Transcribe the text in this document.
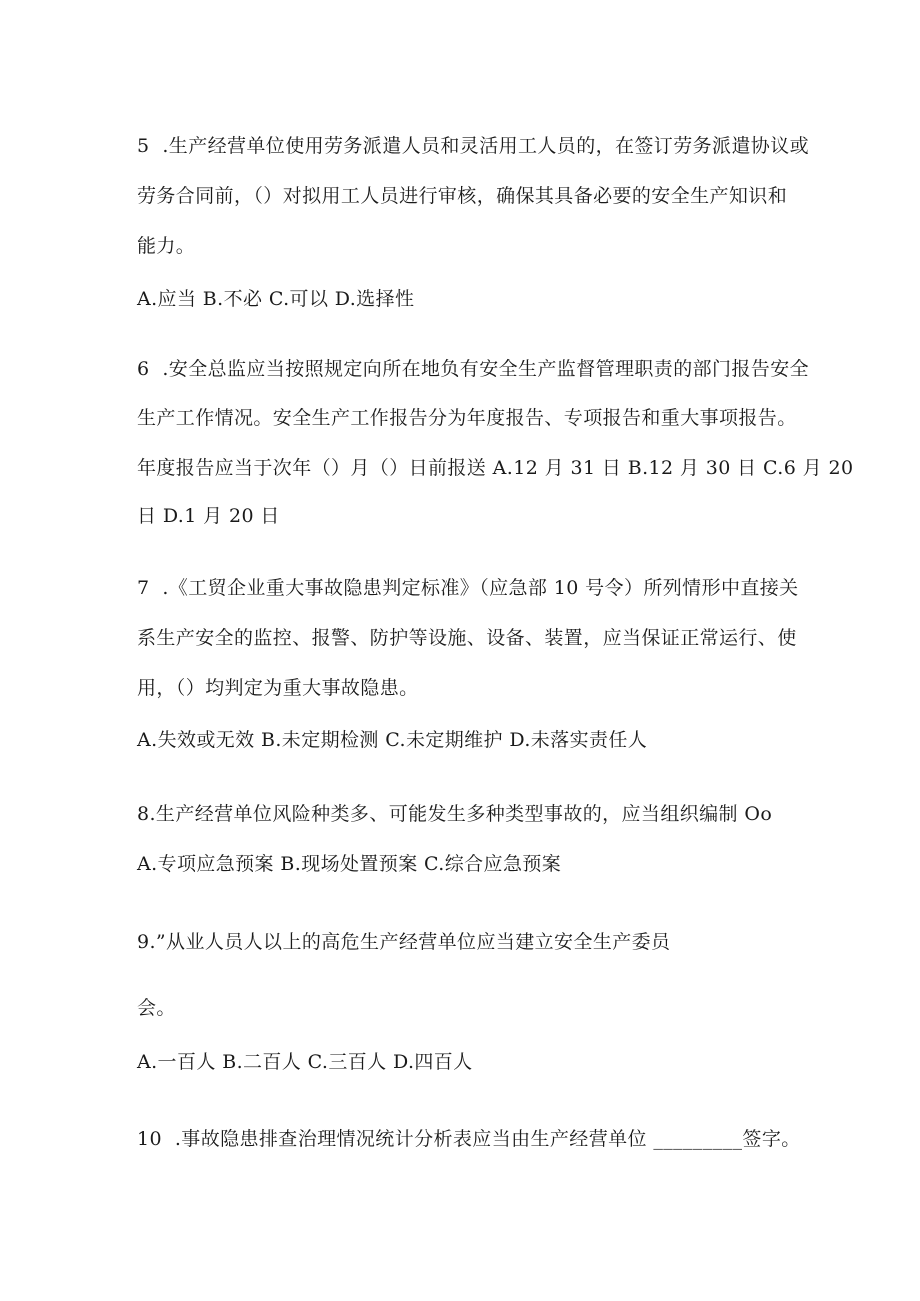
5  .生产经营单位使用劳务派遣人员和灵活用工人员的，在签订劳务派遣协议或
劳务合同前，（）对拟用工人员进行审核，确保其具备必要的安全生产知识和
能力。
A.应当 B.不必 C.可以 D.选择性
6  .安全总监应当按照规定向所在地负有安全生产监督管理职责的部门报告安全
生产工作情况。安全生产工作报告分为年度报告、专项报告和重大事项报告。
年度报告应当于次年（）月（）日前报送 A.12 月 31 日 B.12 月 30 日 C.6 月 20
日 D.1 月 20 日
7  .《工贸企业重大事故隐患判定标准》（应急部 10 号令）所列情形中直接关
系生产安全的监控、报警、防护等设施、设备、装置，应当保证正常运行、使
用，（）均判定为重大事故隐患。
A.失效或无效 B.未定期检测 C.未定期维护 D.未落实责任人
8.生产经营单位风险种类多、可能发生多种类型事故的，应当组织编制 Oo
A.专项应急预案 B.现场处置预案 C.综合应急预案
9.”从业人员人以上的高危生产经营单位应当建立安全生产委员
会。
A.一百人 B.二百人 C.三百人 D.四百人
10  .事故隐患排查治理情况统计分析表应当由生产经营单位 _________签字。
